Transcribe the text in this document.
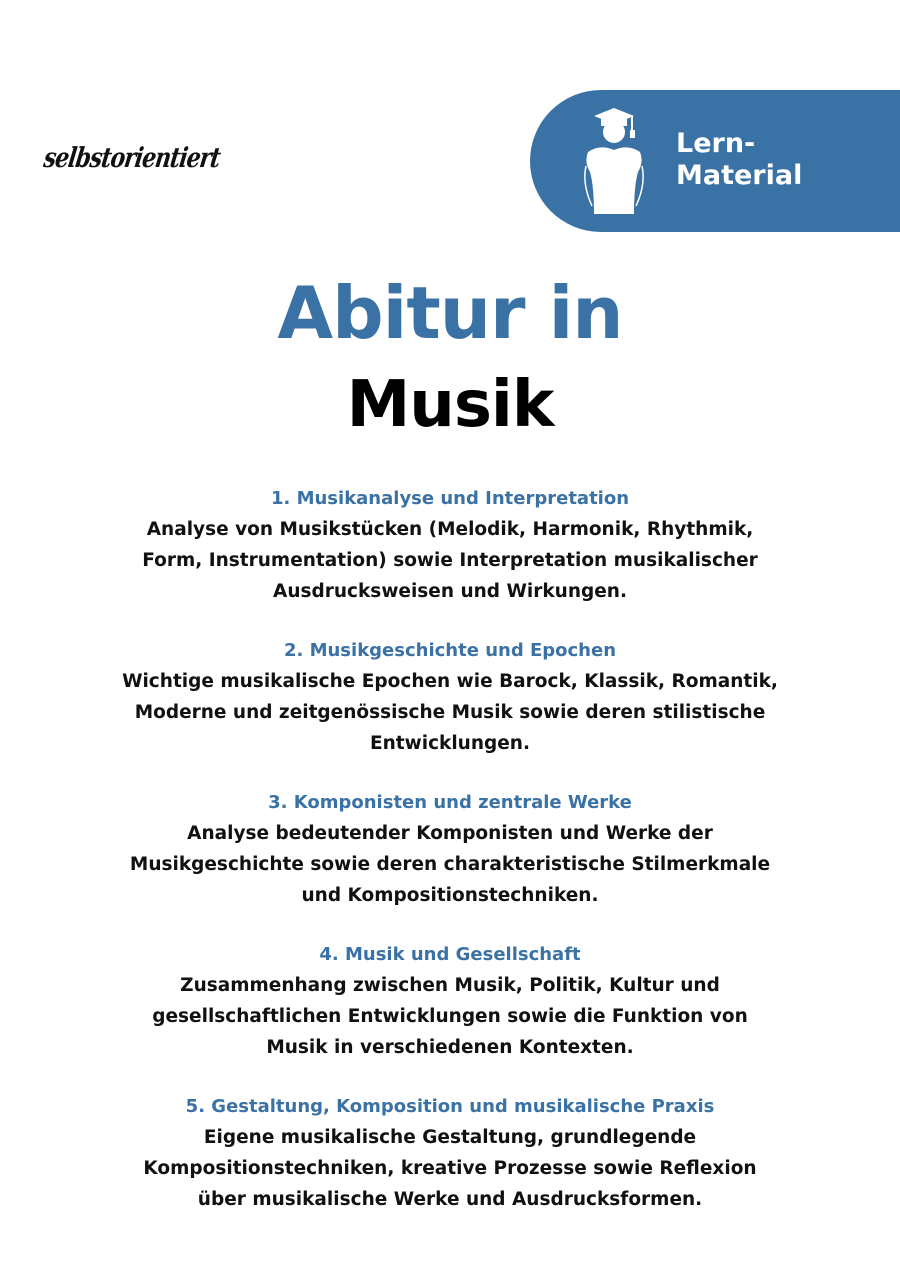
selbstorientiert	Lern-
Material
Abitur in
Musik
1. Musikanalyse und Interpretation
Analyse von Musikstücken (Melodik, Harmonik, Rhythmik,
Form, Instrumentation) sowie Interpretation musikalischer
Ausdrucksweisen und Wirkungen.
2. Musikgeschichte und Epochen
Wichtige musikalische Epochen wie Barock, Klassik, Romantik,
Moderne und zeitgenössische Musik sowie deren stilistische
Entwicklungen.
3. Komponisten und zentrale Werke
Analyse bedeutender Komponisten und Werke der
Musikgeschichte sowie deren charakteristische Stilmerkmale
und Kompositionstechniken.
4. Musik und Gesellschaft
Zusammenhang zwischen Musik, Politik, Kultur und
gesellschaftlichen Entwicklungen sowie die Funktion von
Musik in verschiedenen Kontexten.
5. Gestaltung, Komposition und musikalische Praxis
Eigene musikalische Gestaltung, grundlegende
Kompositionstechniken, kreative Prozesse sowie Reflexion
über musikalische Werke und Ausdrucksformen.
